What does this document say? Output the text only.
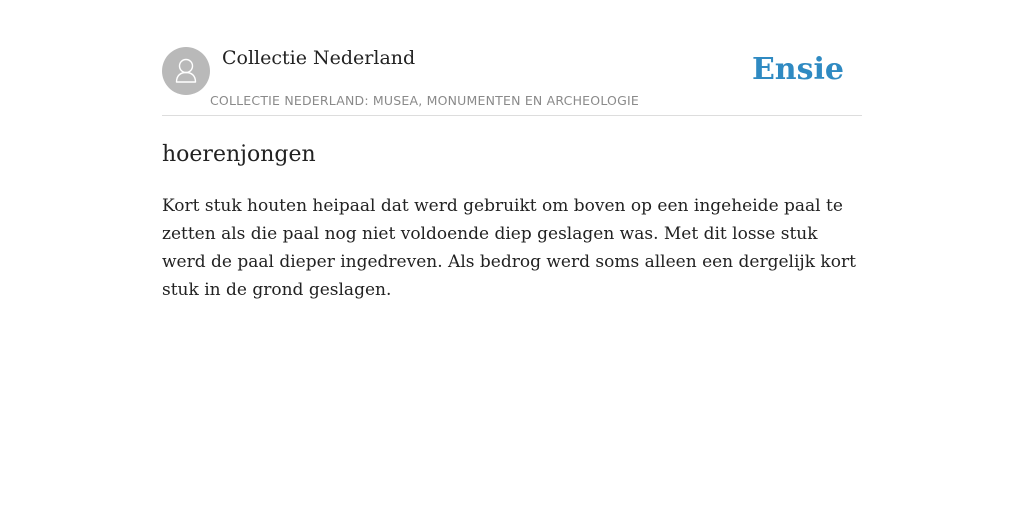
Collectie Nederland
COLLECTIE NEDERLAND: MUSEA, MONUMENTEN EN ARCHEOLOGIE
Ensie
hoerenjongen

Kort stuk houten heipaal dat werd gebruikt om boven op een ingeheide paal te zetten als die paal nog niet voldoende diep geslagen was. Met dit losse stuk werd de paal dieper ingedreven. Als bedrog werd soms alleen een dergelijk kort stuk in de grond geslagen.
